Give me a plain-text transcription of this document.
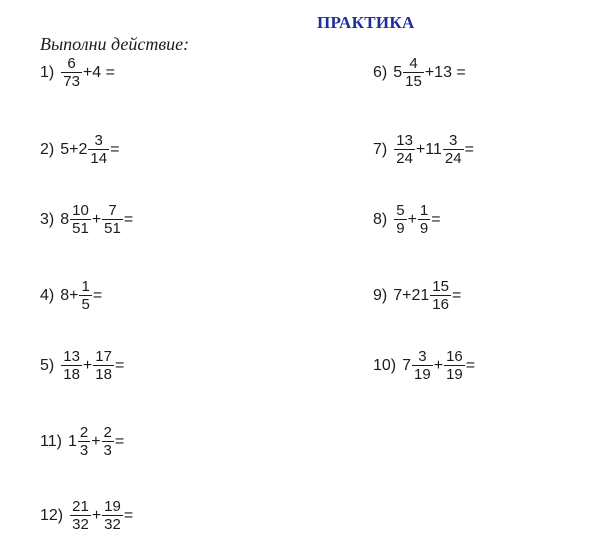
ПРАКТИКА
Выполни действие:
$1) \frac{6}{73} +4$ =
2) $5+2 \frac{3}{14}$ =
3) $8 \frac{10}{51} + \frac{7}{51}$ =
4) $8+ \frac{1}{5}$ =
$5) \frac{13}{18} + \frac{17}{18}$ =
6) $5 \frac{4}{15} +13$ =
$7) \frac{13}{24} +11 \frac{3}{24}$ =
$8) \frac{5}{9} + \frac{1}{9}$ =
9) $7+21 \frac{15}{16}$ =
10) $7 \frac{3}{19} + \frac{16}{19}$ =
11) $1 \frac{2}{3} + \frac{2}{3}$ =
$12) \frac{21}{32} + \frac{19}{32}$ =
